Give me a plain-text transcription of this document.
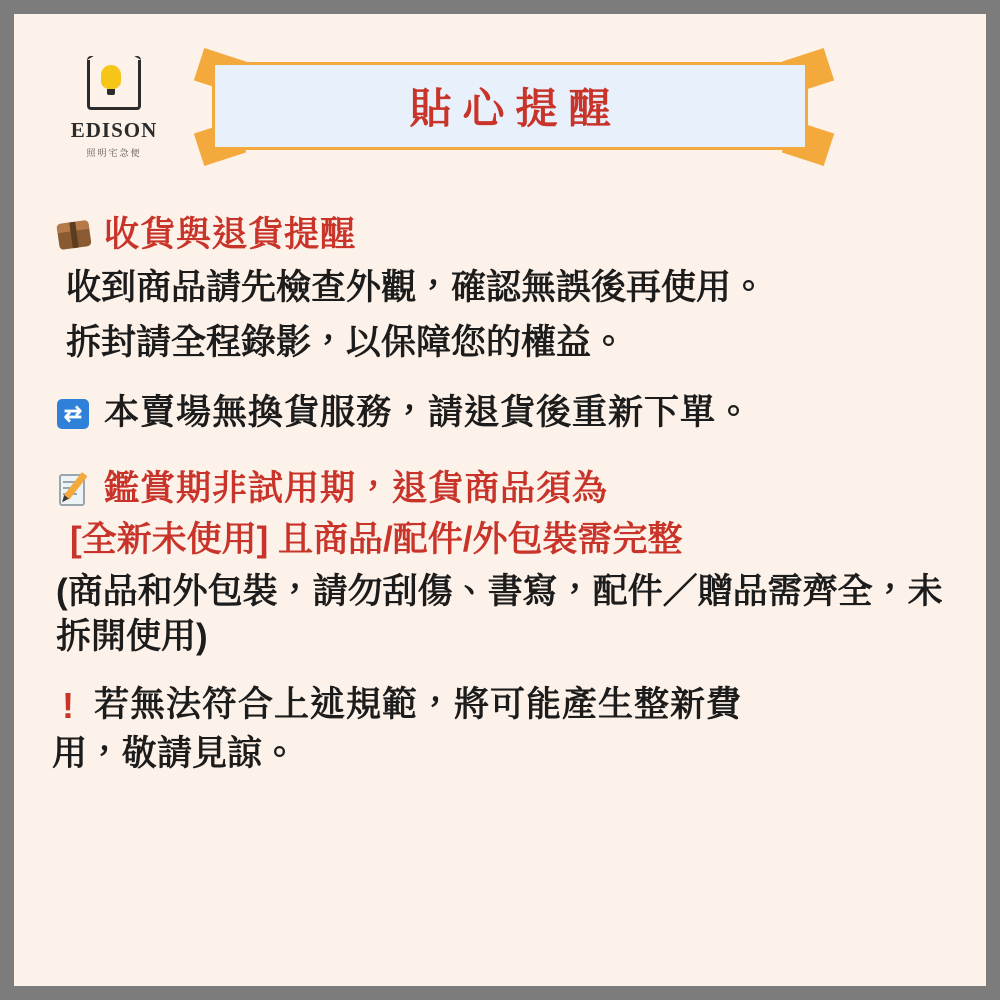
EDISON
照明宅急便
貼心提醒
收貨與退貨提醒
收到商品請先檢查外觀，確認無誤後再使用。
拆封請全程錄影，以保障您的權益。
⇄ 本賣場無換貨服務，請退貨後重新下單。
鑑賞期非試用期，退貨商品須為
[全新未使用] 且商品/配件/外包裝需完整
(商品和外包裝，請勿刮傷、書寫，配件／贈品需齊全，未拆開使用)
! 若無法符合上述規範，將可能產生整新費
用，敬請見諒。
